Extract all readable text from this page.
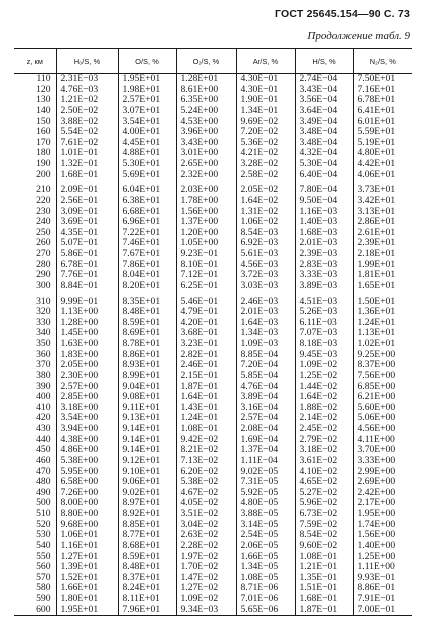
ГОСТ 25645.154—90 С. 73
Продолжение табл. 9
z, км	H₀/S, %	O/S, %	O₂/S, %	Ar/S, %	H/S, %	N₂/S, %
110	2.31E−03	1.95E+01	1.28E+01	4.30E−01	2.74E−04	7.50E+01
120	4.76E−03	1.98E+01	8.61E+00	4.30E−01	3.43E−04	7.16E+01
130	1.21E−02	2.57E+01	6.35E+00	1.90E−01	3.56E−04	6.78E+01
140	2.50E−02	3.07E+01	5.24E+00	1.34E−01	3.64E−04	6.41E+01
150	3.88E−02	3.54E+01	4.53E+00	9.69E−02	3.49E−04	6.01E+01
160	5.54E−02	4.00E+01	3.96E+00	7.20E−02	3.48E−04	5.59E+01
170	7.61E−02	4.45E+01	3.43E+00	5.36E−02	3.48E−04	5.19E+01
180	1.01E−01	4.88E+01	3.01E+00	4.21E−02	4.32E−04	4.80E+01
190	1.32E−01	5.30E+01	2.65E+00	3.28E−02	5.30E−04	4.42E+01
200	1.68E−01	5.69E+01	2.32E+00	2.58E−02	6.40E−04	4.06E+01

210	2.09E−01	6.04E+01	2.03E+00	2.05E−02	7.80E−04	3.73E+01
220	2.56E−01	6.38E+01	1.78E+00	1.64E−02	9.50E−04	3.42E+01
230	3.09E−01	6.68E+01	1.56E+00	1.31E−02	1.16E−03	3.13E+01
240	3.69E−01	6.96E+01	1.37E+00	1.06E−02	1.40E−03	2.86E+01
250	4.35E−01	7.22E+01	1.20E+00	8.54E−03	1.68E−03	2.61E+01
260	5.07E−01	7.46E+01	1.05E+00	6.92E−03	2.01E−03	2.39E+01
270	5.86E−01	7.67E+01	9.23E−01	5.61E−03	2.39E−03	2.18E+01
280	6.78E−01	7.86E+01	8.10E−01	4.56E−03	2.83E−03	1.99E+01
290	7.76E−01	8.04E+01	7.12E−01	3.72E−03	3.33E−03	1.81E+01
300	8.84E−01	8.20E+01	6.25E−01	3.03E−03	3.89E−03	1.65E+01

310	9.99E−01	8.35E+01	5.46E−01	2.46E−03	4.51E−03	1.50E+01
320	1.13E+00	8.48E+01	4.79E−01	2.01E−03	5.26E−03	1.36E+01
330	1.28E+00	8.59E+01	4.20E−01	1.64E−03	6.11E−03	1.24E+01
340	1.45E+00	8.69E+01	3.68E−01	1.34E−03	7.07E−03	1.13E+01
350	1.63E+00	8.78E+01	3.23E−01	1.09E−03	8.18E−03	1.02E+01
360	1.83E+00	8.86E+01	2.82E−01	8.85E−04	9.45E−03	9.25E+00
370	2.05E+00	8.93E+01	2.46E−01	7.20E−04	1.09E−02	8.37E+00
380	2.30E+00	8.99E+01	2.15E−01	5.85E−04	1.25E−02	7.56E+00
390	2.57E+00	9.04E+01	1.87E−01	4.76E−04	1.44E−02	6.85E+00
400	2.85E+00	9.08E+01	1.64E−01	3.89E−04	1.64E−02	6.21E+00
410	3.18E+00	9.11E+01	1.43E−01	3.16E−04	1.88E−02	5.60E+00
420	3.54E+00	9.13E+01	1.24E−01	2.57E−04	2.14E−02	5.06E+00
430	3.94E+00	9.14E+01	1.08E−01	2.08E−04	2.45E−02	4.56E+00
440	4.38E+00	9.14E+01	9.42E−02	1.69E−04	2.79E−02	4.11E+00
450	4.86E+00	9.14E+01	8.21E−02	1.37E−04	3.18E−02	3.70E+00
460	5.38E+00	9.12E+01	7.13E−02	1.11E−04	3.61E−02	3.33E+00
470	5.95E+00	9.10E+01	6.20E−02	9.02E−05	4.10E−02	2.99E+00
480	6.58E+00	9.06E+01	5.38E−02	7.31E−05	4.65E−02	2.69E+00
490	7.26E+00	9.02E+01	4.67E−02	5.92E−05	5.27E−02	2.42E+00
500	8.00E+00	8.97E+01	4.05E−02	4.80E−05	5.96E−02	2.17E+00
510	8.80E+00	8.92E+01	3.51E−02	3.88E−05	6.73E−02	1.95E+00
520	9.68E+00	8.85E+01	3.04E−02	3.14E−05	7.59E−02	1.74E+00
530	1.06E+01	8.77E+01	2.63E−02	2.54E−05	8.54E−02	1.56E+00
540	1.16E+01	8.68E+01	2.28E−02	2.06E−05	9.60E−02	1.40E+00
550	1.27E+01	8.59E+01	1.97E−02	1.66E−05	1.08E−01	1.25E+00
560	1.39E+01	8.48E+01	1.70E−02	1.34E−05	1.21E−01	1.11E+00
570	1.52E+01	8.37E+01	1.47E−02	1.08E−05	1.35E−01	9.93E−01
580	1.66E+01	8.24E+01	1.27E−02	8.71E−06	1.51E−01	8.86E−01
590	1.80E+01	8.11E+01	1.09E−02	7.01E−06	1.68E−01	7.91E−01
600	1.95E+01	7.96E+01	9.34E−03	5.65E−06	1.87E−01	7.00E−01
